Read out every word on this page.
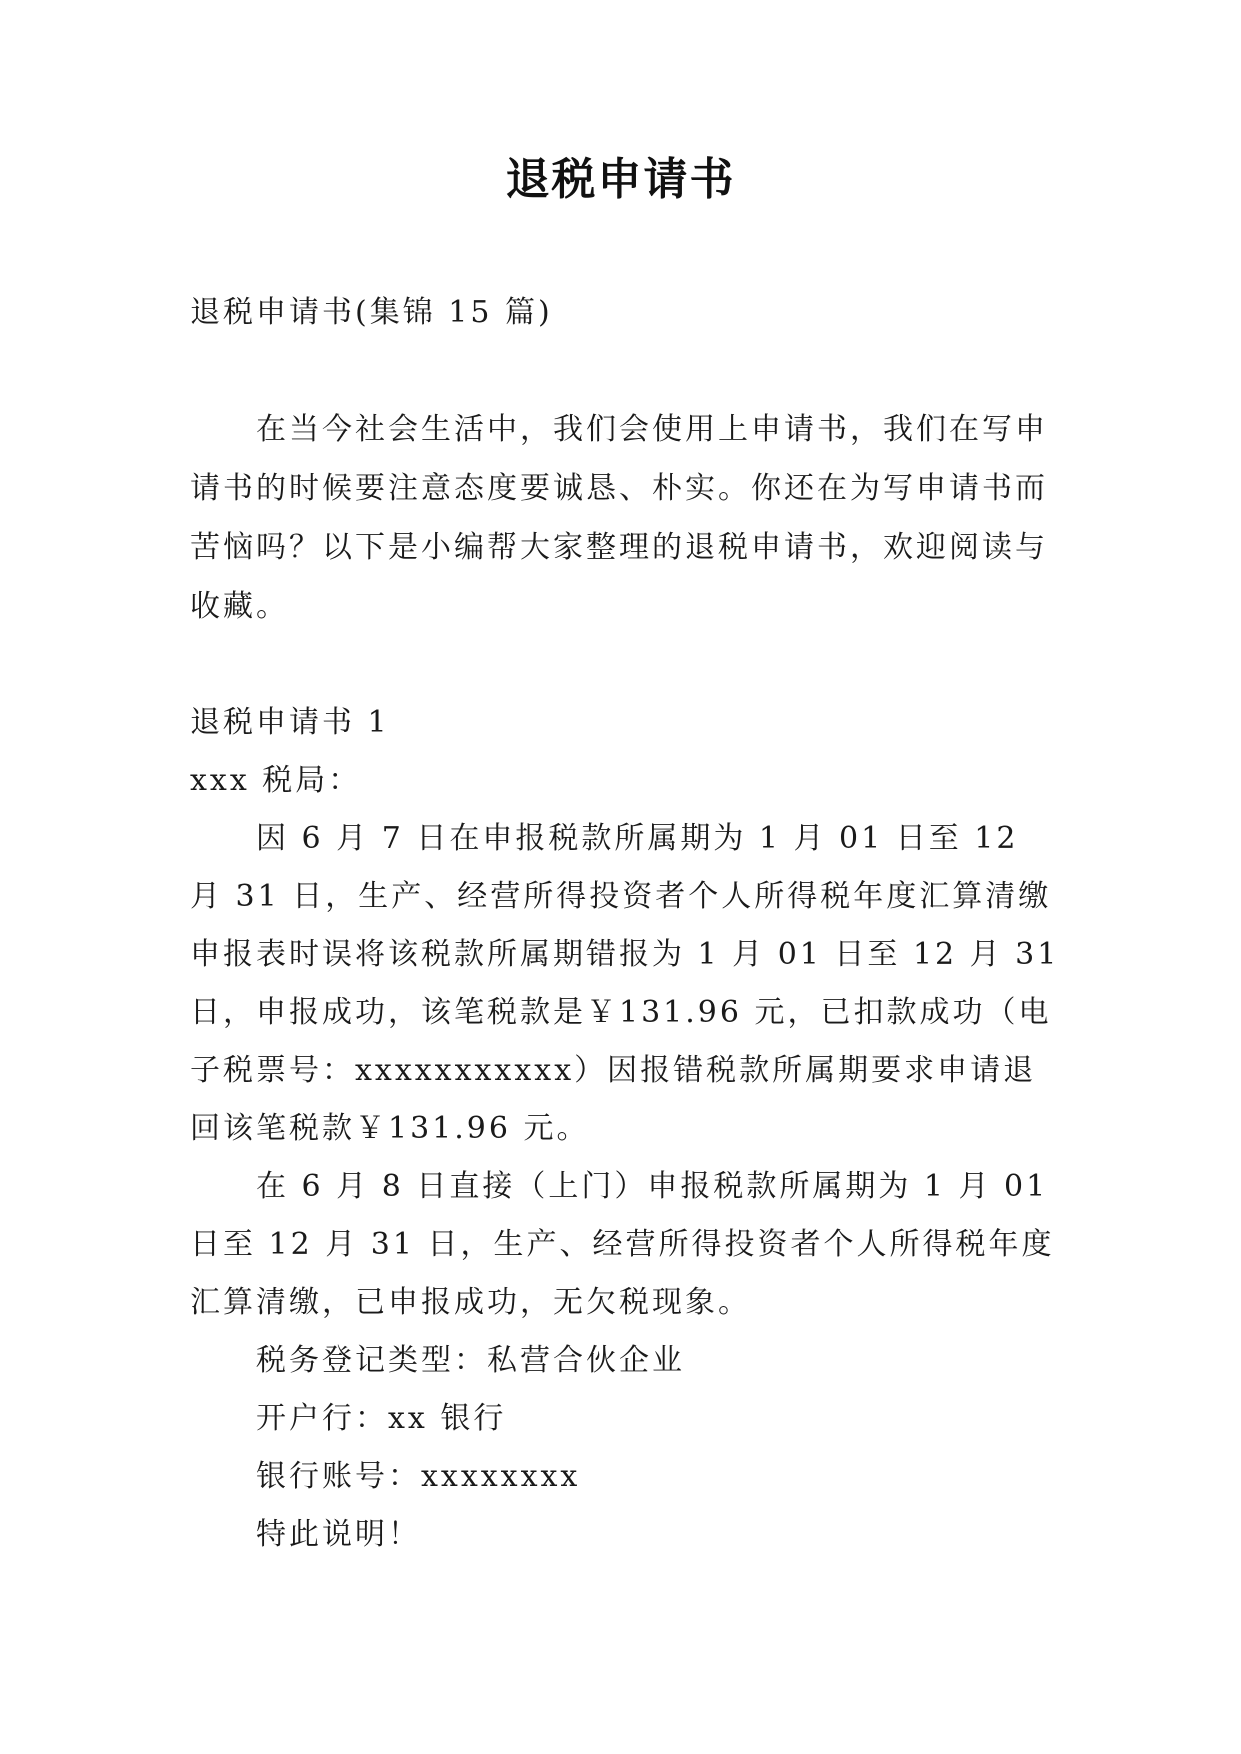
退税申请书

退税申请书(集锦 15 篇)

在当今社会生活中，我们会使用上申请书，我们在写申请书的时候要注意态度要诚恳、朴实。你还在为写申请书而苦恼吗？以下是小编帮大家整理的退税申请书，欢迎阅读与收藏。

退税申请书 1

xxx 税局：

因 6 月 7 日在申报税款所属期为 1 月 01 日至 12 月 31 日，生产、经营所得投资者个人所得税年度汇算清缴申报表时误将该税款所属期错报为 1 月 01 日至 12 月 31 日，申报成功，该笔税款是￥131.96 元，已扣款成功（电子税票号：xxxxxxxxxxx）因报错税款所属期要求申请退回该笔税款￥131.96 元。

在 6 月 8 日直接（上门）申报税款所属期为 1 月 01 日至 12 月 31 日，生产、经营所得投资者个人所得税年度汇算清缴，已申报成功，无欠税现象。

税务登记类型：私营合伙企业

开户行：xx 银行

银行账号：xxxxxxxx

特此说明！
